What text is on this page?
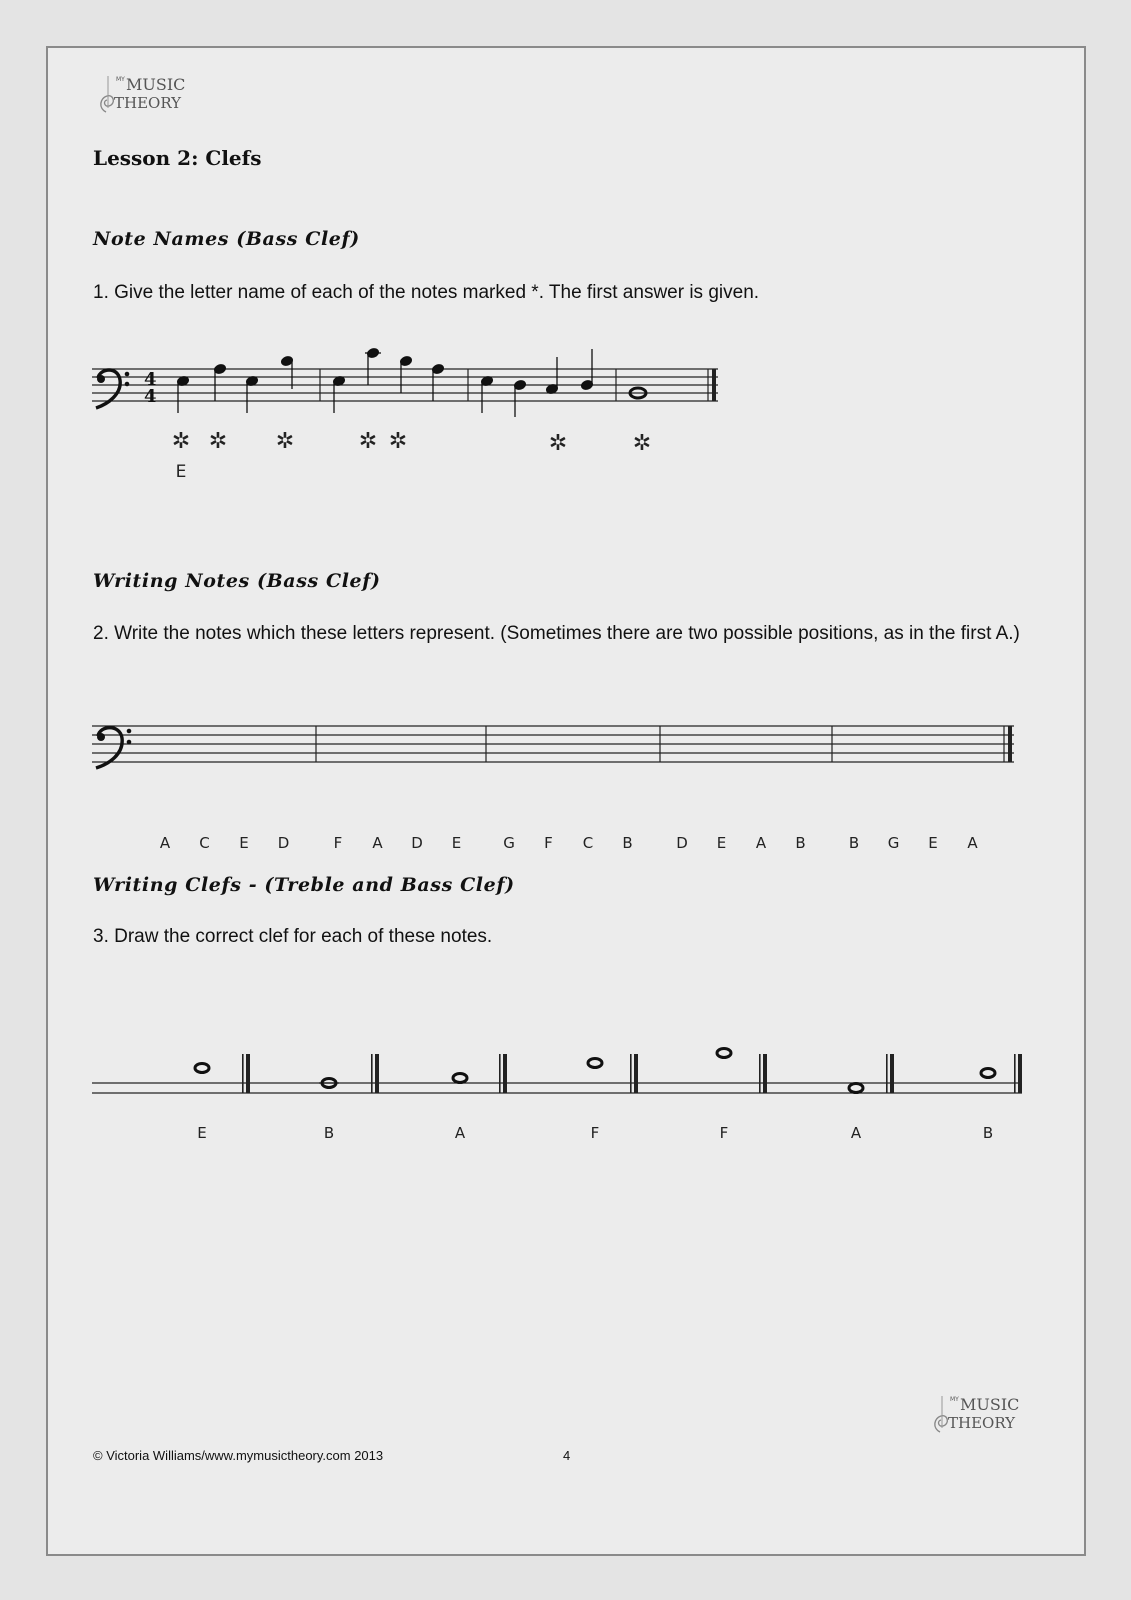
MY MUSIC
THEORY
Lesson 2: Clefs
Note Names (Bass Clef)

1. Give the letter name of each of the notes marked *. The first answer is given.

4
4
✲ ✲ ✲	✲ ✲	✲	✲
E
Writing Notes (Bass Clef)

2. Write the notes which these letters represent. (Sometimes there are two possible positions, as in the first A.)

A C E D	F A D E	G F C B	D E A B	B G E A
Writing Clefs - (Treble and Bass Clef)

3. Draw the correct clef for each of these notes.

E	B	A	F	F	A	B
MY MUSIC
THEORY
© Victoria Williams/www.mymusictheory.com 2013	4
